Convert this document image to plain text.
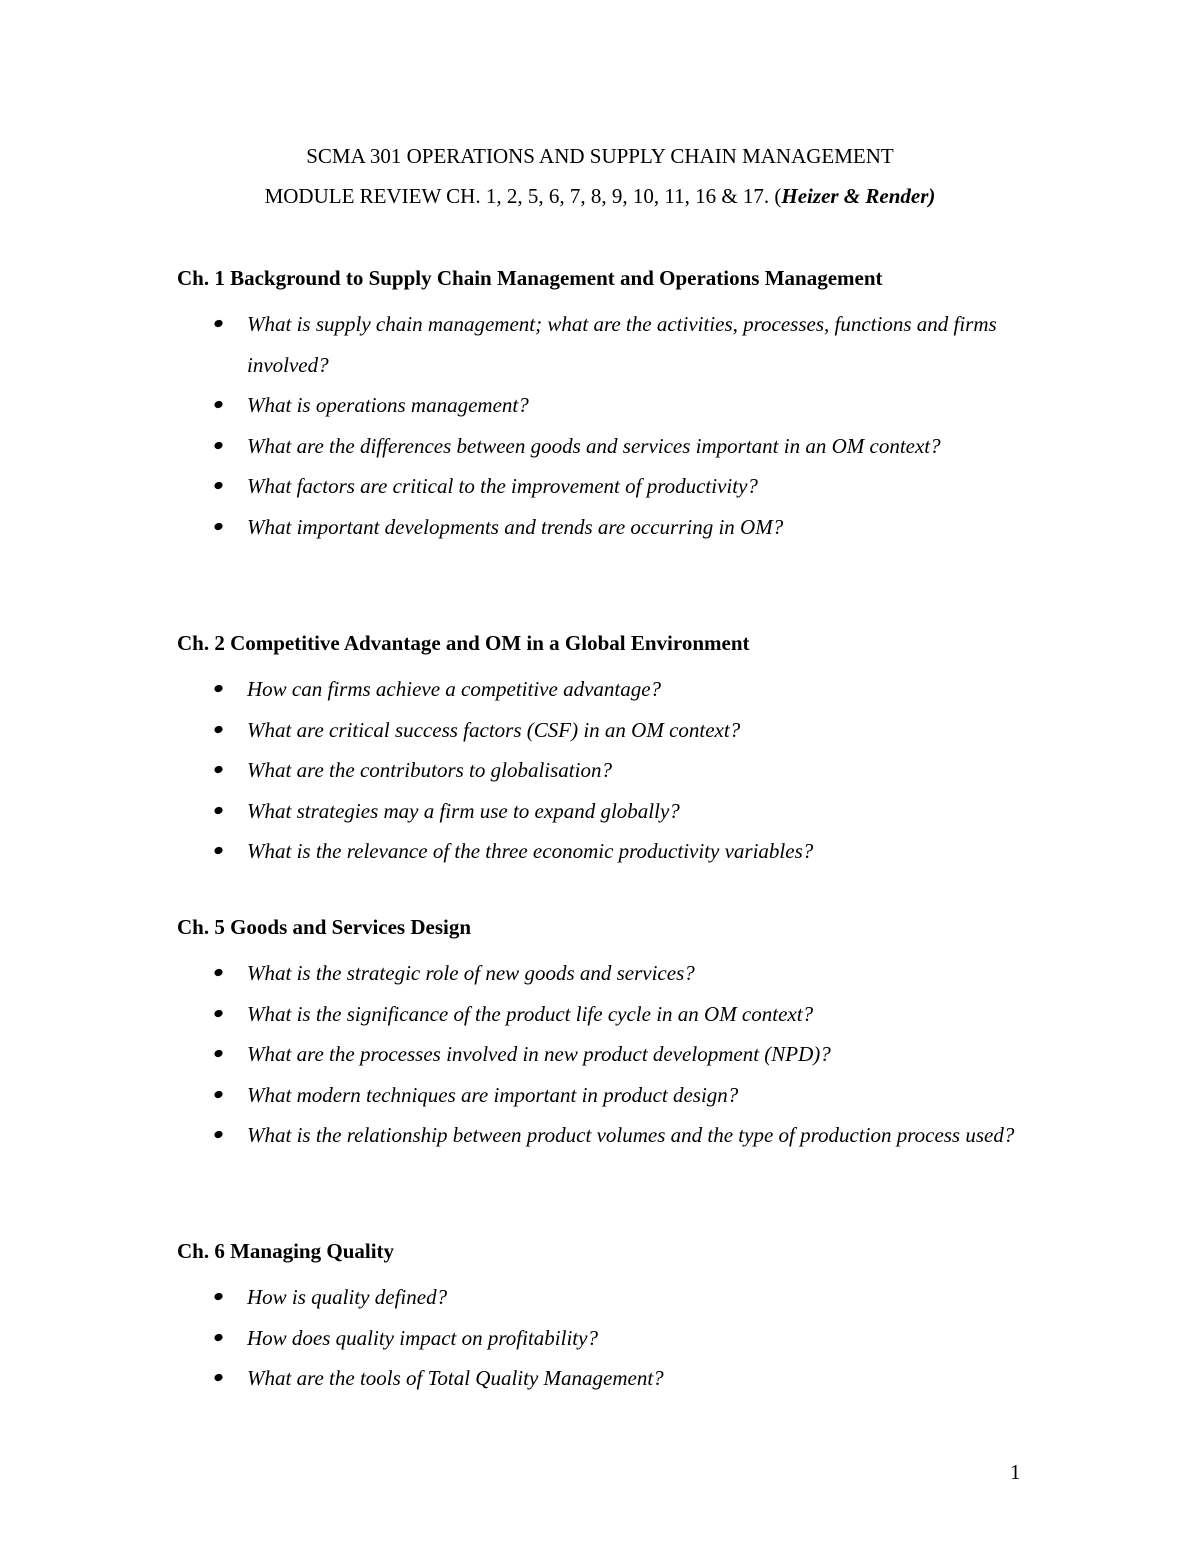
SCMA 301 OPERATIONS AND SUPPLY CHAIN MANAGEMENT
MODULE REVIEW CH. 1, 2, 5, 6, 7, 8, 9, 10, 11, 16 & 17. (Heizer & Render)
Ch. 1 Background to Supply Chain Management and Operations Management
What is supply chain management; what are the activities, processes, functions and firms involved?
What is operations management?
What are the differences between goods and services important in an OM context?
What factors are critical to the improvement of productivity?
What important developments and trends are occurring in OM?
Ch. 2 Competitive Advantage and OM in a Global Environment
How can firms achieve a competitive advantage?
What are critical success factors (CSF) in an OM context?
What are the contributors to globalisation?
What strategies may a firm use to expand globally?
What is the relevance of the three economic productivity variables?
Ch. 5 Goods and Services Design
What is the strategic role of new goods and services?
What is the significance of the product life cycle in an OM context?
What are the processes involved in new product development (NPD)?
What modern techniques are important in product design?
What is the relationship between product volumes and the type of production process used?
Ch. 6 Managing Quality
How is quality defined?
How does quality impact on profitability?
What are the tools of Total Quality Management?
1
